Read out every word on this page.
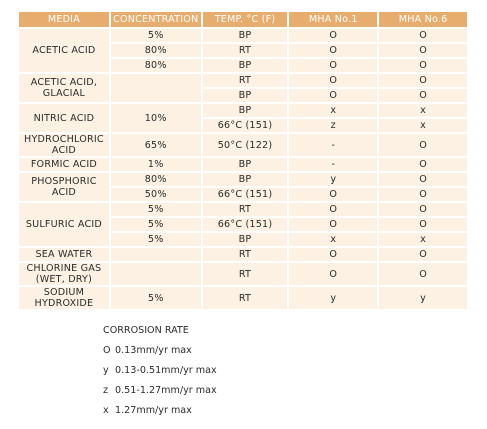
MEDIA	CONCENTRATION	TEMP. °C (F)	MHA No.1	MHA No.6
ACETIC ACID	5%	BP	O	O
	80%	RT	O	O
	80%	BP	O	O
ACETIC ACID, GLACIAL		RT	O	O
		BP	O	O
NITRIC ACID	10%	BP	x	x
		66°C (151)	z	x
HYDROCHLORIC ACID	65%	50°C (122)	-	O
FORMIC ACID	1%	BP	-	O
PHOSPHORIC ACID	80%	BP	y	O
	50%	66°C (151)	O	O
SULFURIC ACID	5%	RT	O	O
	5%	66°C (151)	O	O
	5%	BP	x	x
SEA WATER		RT	O	O
CHLORINE GAS (WET, DRY)		RT	O	O
SODIUM HYDROXIDE	5%	RT	y	y
CORROSION RATE
O 0.13mm/yr max
y 0.13-0.51mm/yr max
z 0.51-1.27mm/yr max
x 1.27mm/yr max
